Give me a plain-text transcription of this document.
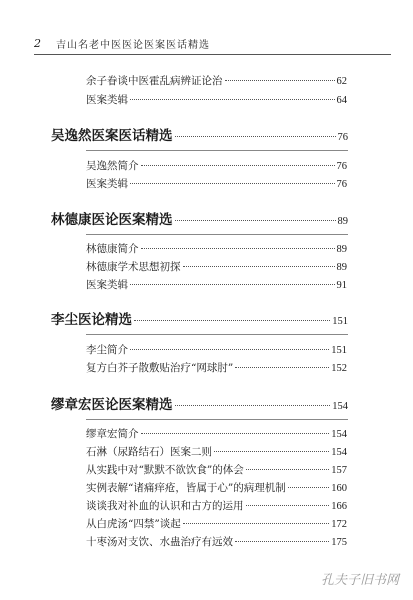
2 吉山名老中医医论医案医话精选
余子眷谈中医霍乱病辨证论治	62
医案类辑	64
吴逸然医案医话精选	76
吴逸然简介	76
医案类辑	76
林德康医论医案精选	89
林德康简介	89
林德康学术思想初探	89
医案类辑	91
李尘医论精选	151
李尘简介	151
复方白芥子散敷贴治疗“网球肘”	152
缪章宏医论医案精选	154
缪章宏简介	154
石淋（尿路结石）医案二则	154
从实践中对“默默不欲饮食”的体会	157
实例表解“诸痛痒疮，皆属于心”的病理机制	160
谈谈我对补血的认识和古方的运用	166
从白虎汤“四禁”谈起	172
十枣汤对支饮、水蛊治疗有远效	175
孔夫子旧书网
